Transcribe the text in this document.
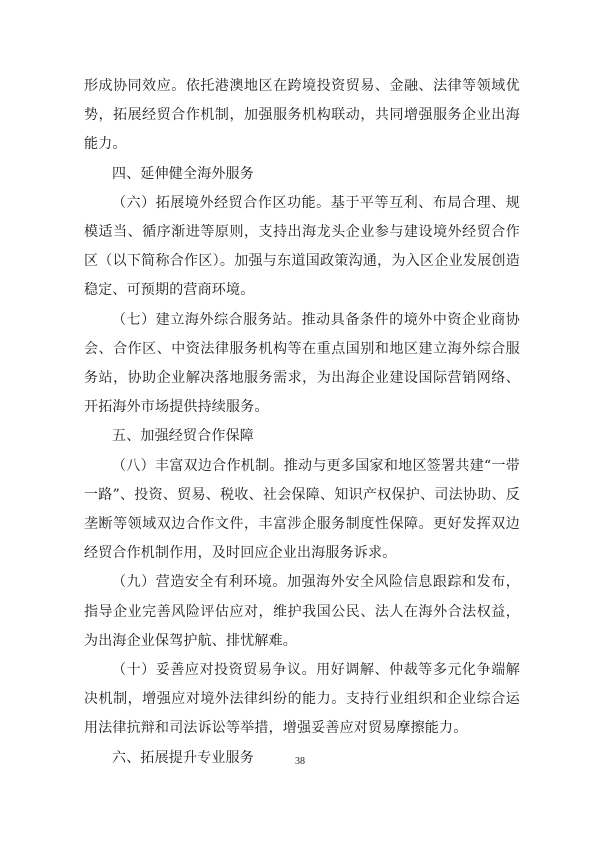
形成协同效应。依托港澳地区在跨境投资贸易、金融、法律等领域优势，拓展经贸合作机制，加强服务机构联动，共同增强服务企业出海能力。

四、延伸健全海外服务

（六）拓展境外经贸合作区功能。基于平等互利、布局合理、规模适当、循序渐进等原则，支持出海龙头企业参与建设境外经贸合作区（以下简称合作区）。加强与东道国政策沟通，为入区企业发展创造稳定、可预期的营商环境。

（七）建立海外综合服务站。推动具备条件的境外中资企业商协会、合作区、中资法律服务机构等在重点国别和地区建立海外综合服务站，协助企业解决落地服务需求，为出海企业建设国际营销网络、开拓海外市场提供持续服务。

五、加强经贸合作保障

（八）丰富双边合作机制。推动与更多国家和地区签署共建“一带一路”、投资、贸易、税收、社会保障、知识产权保护、司法协助、反垄断等领域双边合作文件，丰富涉企服务制度性保障。更好发挥双边经贸合作机制作用，及时回应企业出海服务诉求。

（九）营造安全有利环境。加强海外安全风险信息跟踪和发布，指导企业完善风险评估应对，维护我国公民、法人在海外合法权益，为出海企业保驾护航、排忧解难。

（十）妥善应对投资贸易争议。用好调解、仲裁等多元化争端解决机制，增强应对境外法律纠纷的能力。支持行业组织和企业综合运用法律抗辩和司法诉讼等举措，增强妥善应对贸易摩擦能力。

六、拓展提升专业服务	38
